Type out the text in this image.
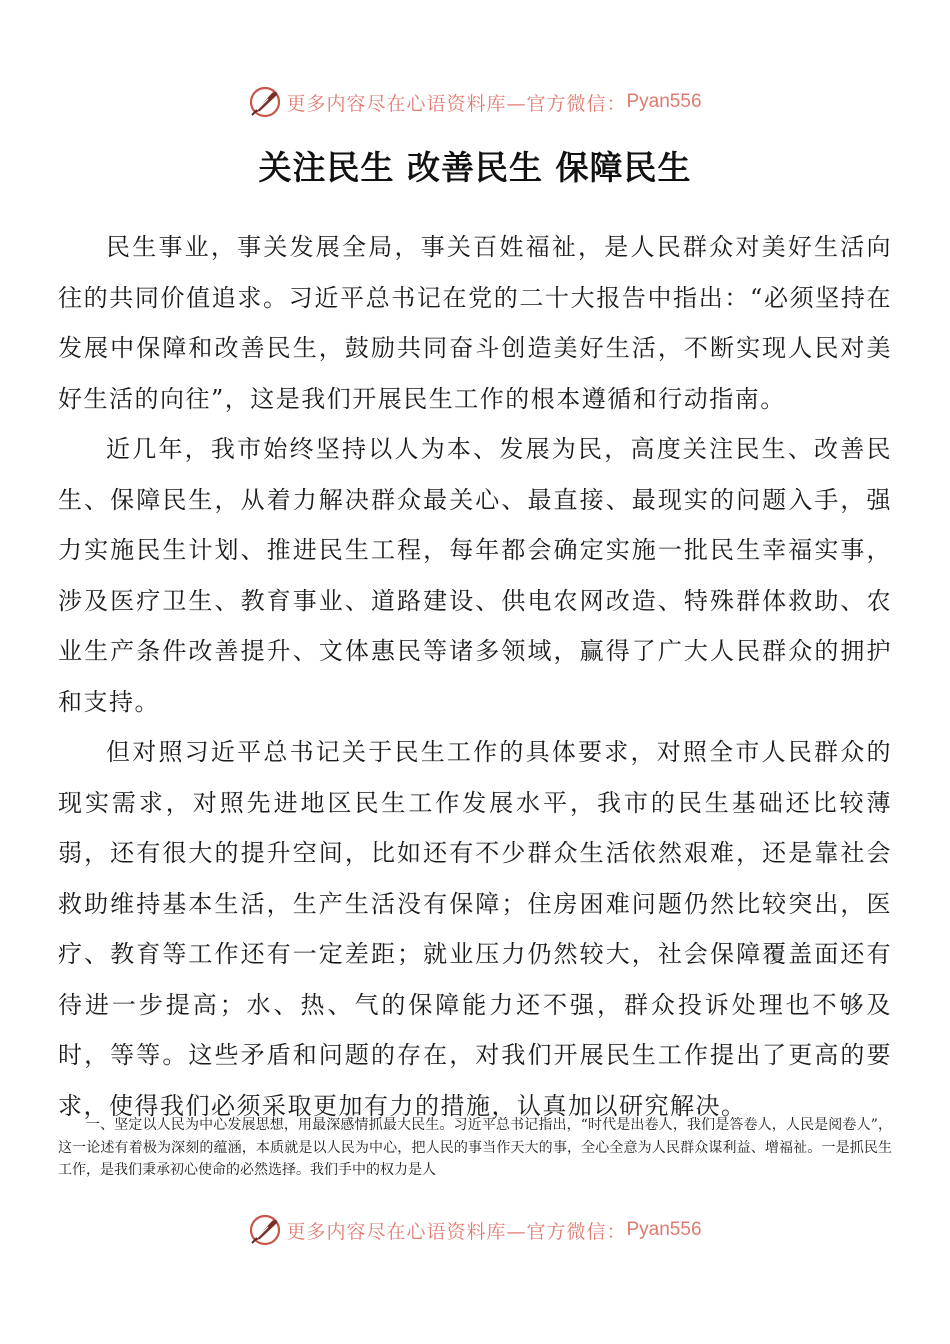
更多内容尽在心语资料库—官方微信： Pyan556
关注民生 改善民生 保障民生

民生事业，事关发展全局，事关百姓福祉，是人民群众对美好生活向往的共同价值追求。习近平总书记在党的二十大报告中指出：“必须坚持在发展中保障和改善民生，鼓励共同奋斗创造美好生活，不断实现人民对美好生活的向往”，这是我们开展民生工作的根本遵循和行动指南。

近几年，我市始终坚持以人为本、发展为民，高度关注民生、改善民生、保障民生，从着力解决群众最关心、最直接、最现实的问题入手，强力实施民生计划、推进民生工程，每年都会确定实施一批民生幸福实事，涉及医疗卫生、教育事业、道路建设、供电农网改造、特殊群体救助、农业生产条件改善提升、文体惠民等诸多领域，赢得了广大人民群众的拥护和支持。

但对照习近平总书记关于民生工作的具体要求，对照全市人民群众的现实需求，对照先进地区民生工作发展水平，我市的民生基础还比较薄弱，还有很大的提升空间，比如还有不少群众生活依然艰难，还是靠社会救助维持基本生活，生产生活没有保障；住房困难问题仍然比较突出，医疗、教育等工作还有一定差距；就业压力仍然较大，社会保障覆盖面还有待进一步提高；水、热、气的保障能力还不强，群众投诉处理也不够及时，等等。这些矛盾和问题的存在，对我们开展民生工作提出了更高的要求，使得我们必须采取更加有力的措施，认真加以研究解决。

一、坚定以人民为中心发展思想，用最深感情抓最大民生。习近平总书记指出，“时代是出卷人，我们是答卷人，人民是阅卷人”，这一论述有着极为深刻的蕴涵，本质就是以人民为中心，把人民的事当作天大的事，全心全意为人民群众谋利益、增福祉。一是抓民生工作，是我们秉承初心使命的必然选择。我们手中的权力是人

更多内容尽在心语资料库—官方微信： Pyan556
